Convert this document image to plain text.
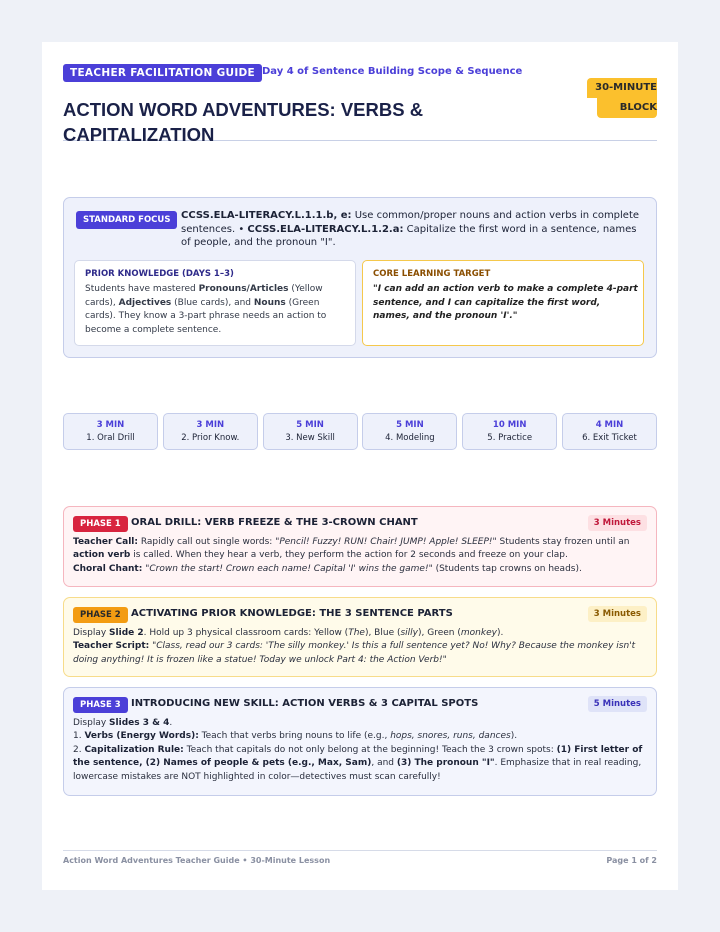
TEACHER FACILITATION GUIDE Day 4 of Sentence Building Scope & Sequence
ACTION WORD ADVENTURES: VERBS & CAPITALIZATION
30-MINUTE
BLOCK
STANDARD FOCUS	CCSS.ELA-LITERACY.L.1.1.b, e: Use common/proper nouns and action verbs in complete sentences. • CCSS.ELA-LITERACY.L.1.2.a: Capitalize the first word in a sentence, names of people, and the pronoun "I".
PRIOR KNOWLEDGE (DAYS 1–3)
Students have mastered Pronouns/Articles (Yellow cards), Adjectives (Blue cards), and Nouns (Green cards). They know a 3-part phrase needs an action to become a complete sentence.
CORE LEARNING TARGET
"I can add an action verb to make a complete 4-part sentence, and I can capitalize the first word, names, and the pronoun 'I'."
3 MIN
1. Oral Drill
3 MIN
2. Prior Know.
5 MIN
3. New Skill
5 MIN
4. Modeling
10 MIN
5. Practice
4 MIN
6. Exit Ticket
PHASE 1	ORAL DRILL: VERB FREEZE & THE 3-CROWN CHANT	3 Minutes
Teacher Call: Rapidly call out single words: "Pencil! Fuzzy! RUN! Chair! JUMP! Apple! SLEEP!" Students stay frozen until an action verb is called. When they hear a verb, they perform the action for 2 seconds and freeze on your clap.
Choral Chant: "Crown the start! Crown each name! Capital 'I' wins the game!" (Students tap crowns on heads).
PHASE 2	ACTIVATING PRIOR KNOWLEDGE: THE 3 SENTENCE PARTS	3 Minutes
Display Slide 2. Hold up 3 physical classroom cards: Yellow (The), Blue (silly), Green (monkey).
Teacher Script: "Class, read our 3 cards: 'The silly monkey.' Is this a full sentence yet? No! Why? Because the monkey isn't doing anything! It is frozen like a statue! Today we unlock Part 4: the Action Verb!"
PHASE 3	INTRODUCING NEW SKILL: ACTION VERBS & 3 CAPITAL SPOTS	5 Minutes
Display Slides 3 & 4.
1. Verbs (Energy Words): Teach that verbs bring nouns to life (e.g., hops, snores, runs, dances).
2. Capitalization Rule: Teach that capitals do not only belong at the beginning! Teach the 3 crown spots: (1) First letter of the sentence, (2) Names of people & pets (e.g., Max, Sam), and (3) The pronoun "I". Emphasize that in real reading, lowercase mistakes are NOT highlighted in color—detectives must scan carefully!
Action Word Adventures Teacher Guide • 30-Minute Lesson	Page 1 of 2
